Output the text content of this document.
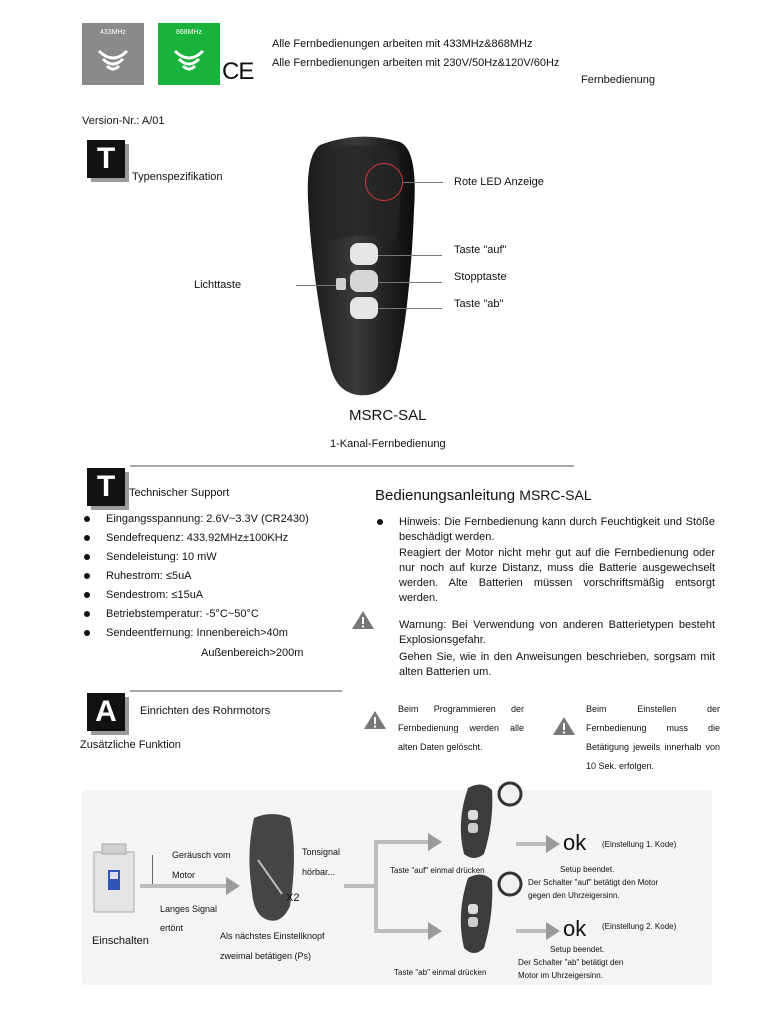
433MHz	868MHz
CE
Alle Fernbedienungen arbeiten mit 433MHz&868MHz
Alle Fernbedienungen arbeiten mit 230V/50Hz&120V/60Hz
Fernbedienung
Version-Nr.: A/01
T
Typenspezifikation	Rote LED Anzeige
Taste "auf"
Stopptaste
Taste "ab"
Lichttaste
MSRC-SAL
1-Kanal-Fernbedienung
T	Technischer Support
Eingangsspannung: 2.6V~3.3V (CR2430)
Sendefrequenz: 433.92MHz±100KHz
Sendeleistung: 10 mW
Ruhestrom: ≤5uA
Sendestrom: ≤15uA
Betriebstemperatur: -5°C~50°C
Sendeentfernung: Innenbereich>40m
Außenbereich>200m
Bedienungsanleitung MSRC-SAL
Hinweis: Die Fernbedienung kann durch Feuchtigkeit und Stöße beschädigt werden.
Reagiert der Motor nicht mehr gut auf die Fernbedienung oder nur noch auf kurze Distanz, muss die Batterie ausgewechselt werden. Alte Batterien müssen vorschriftsmäßig entsorgt werden.
Warnung: Bei Verwendung von anderen Batterietypen besteht Explosionsgefahr.
Gehen Sie, wie in den Anweisungen beschrieben, sorgsam mit alten Batterien um.
Beim Programmieren der Fernbedienung werden alle alten Daten gelöscht.
Beim Einstellen der Fernbedienung muss die Betätigung jeweils innerhalb von 10 Sek. erfolgen.
A	Einrichten des Rohrmotors
Zusätzliche Funktion
Einschalten
Geräusch vom
Motor
Langes Signal
ertönt
X2
Tonsignal
hörbar...
Als nächstes Einstellknopf
zweimal betätigen (Ps)
Taste "auf" einmal drücken
Taste "ab" einmal drücken
ok (Einstellung 1. Kode)
Setup beendet.
Der Schalter "auf" betätigt den Motor
gegen den Uhrzeigersinn.
ok (Einstellung 2. Kode)
Setup beendet.
Der Schalter "ab" betätigt den
Motor im Uhrzeigersinn.
